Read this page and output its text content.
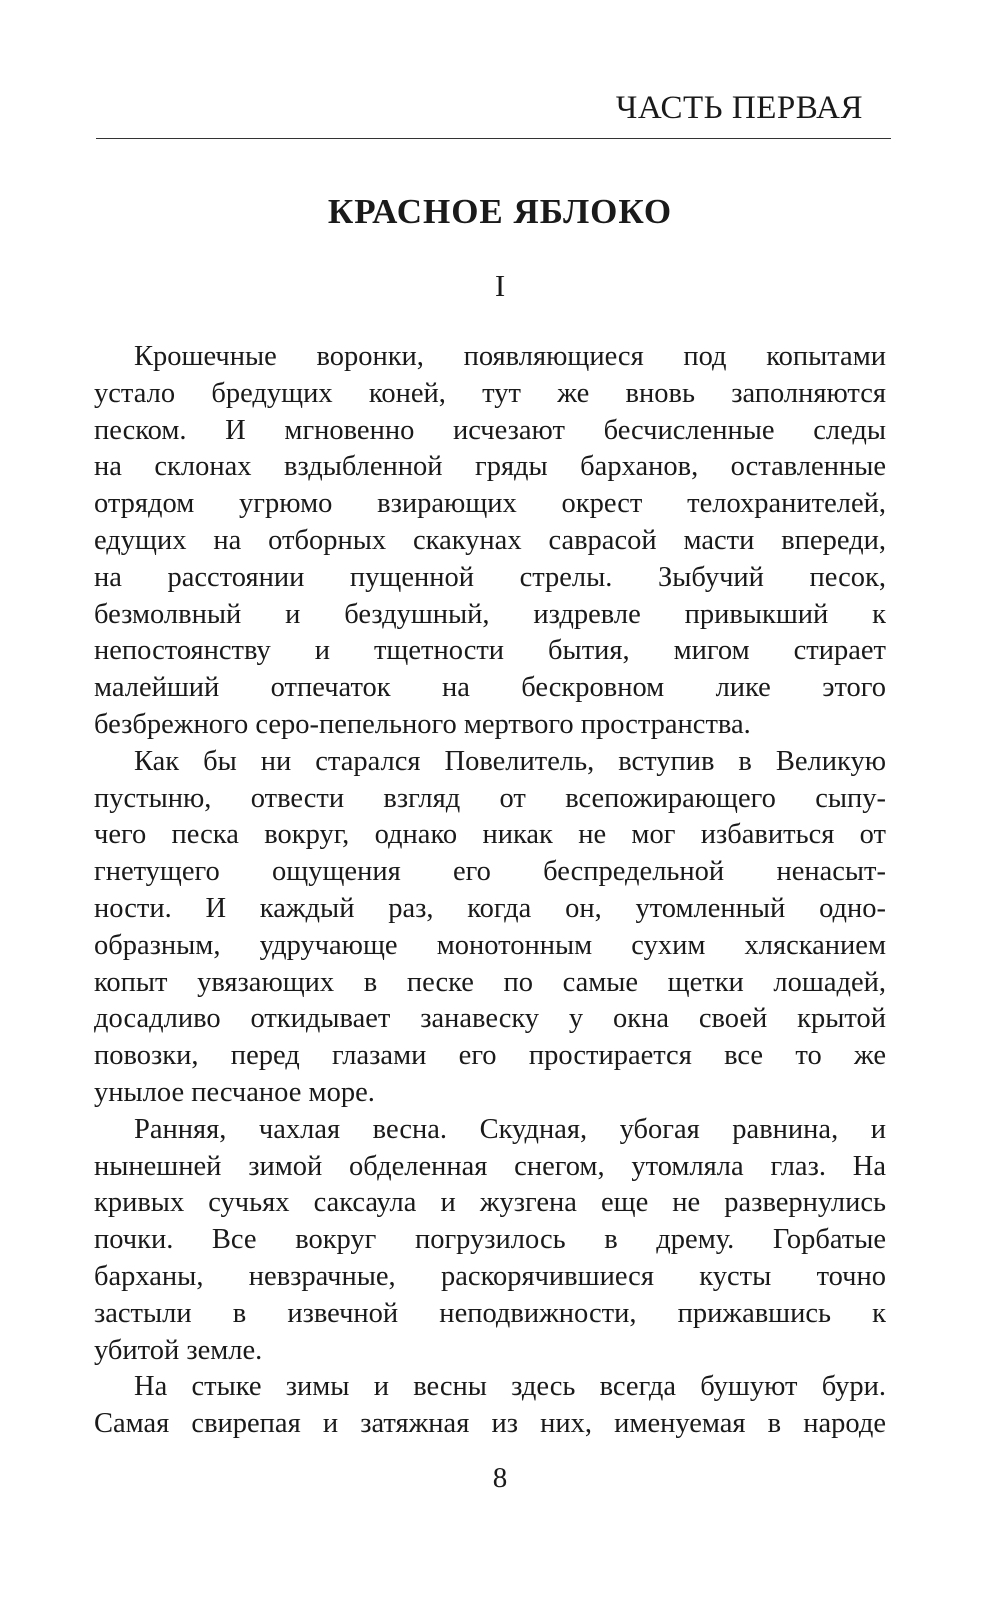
ЧАСТЬ ПЕРВАЯ
КРАСНОЕ ЯБЛОКО
I
Крошечные воронки, появляющиеся под копытами
устало бредущих коней, тут же вновь заполняются
песком. И мгновенно исчезают бесчисленные следы
на склонах вздыбленной гряды барханов, оставленные
отрядом угрюмо взирающих окрест телохранителей,
едущих на отборных скакунах саврасой масти впереди,
на расстоянии пущенной стрелы. Зыбучий песок,
безмолвный и бездушный, издревле привыкший к
непостоянству и тщетности бытия, мигом стирает
малейший отпечаток на бескровном лике этого
безбрежного серо-пепельного мертвого пространства.
Как бы ни старался Повелитель, вступив в Великую
пустыню, отвести взгляд от всепожирающего сыпу-
чего песка вокруг, однако никак не мог избавиться от
гнетущего ощущения его беспредельной ненасыт-
ности. И каждый раз, когда он, утомленный одно-
образным, удручающе монотонным сухим хлясканием
копыт увязающих в песке по самые щетки лошадей,
досадливо откидывает занавеску у окна своей крытой
повозки, перед глазами его простирается все то же
унылое песчаное море.
Ранняя, чахлая весна. Скудная, убогая равнина, и
нынешней зимой обделенная снегом, утомляла глаз. На
кривых сучьях саксаула и жузгена еще не развернулись
почки. Все вокруг погрузилось в дрему. Горбатые
барханы, невзрачные, раскорячившиеся кусты точно
застыли в извечной неподвижности, прижавшись к
убитой земле.
На стыке зимы и весны здесь всегда бушуют бури.
Самая свирепая и затяжная из них, именуемая в народе
8
